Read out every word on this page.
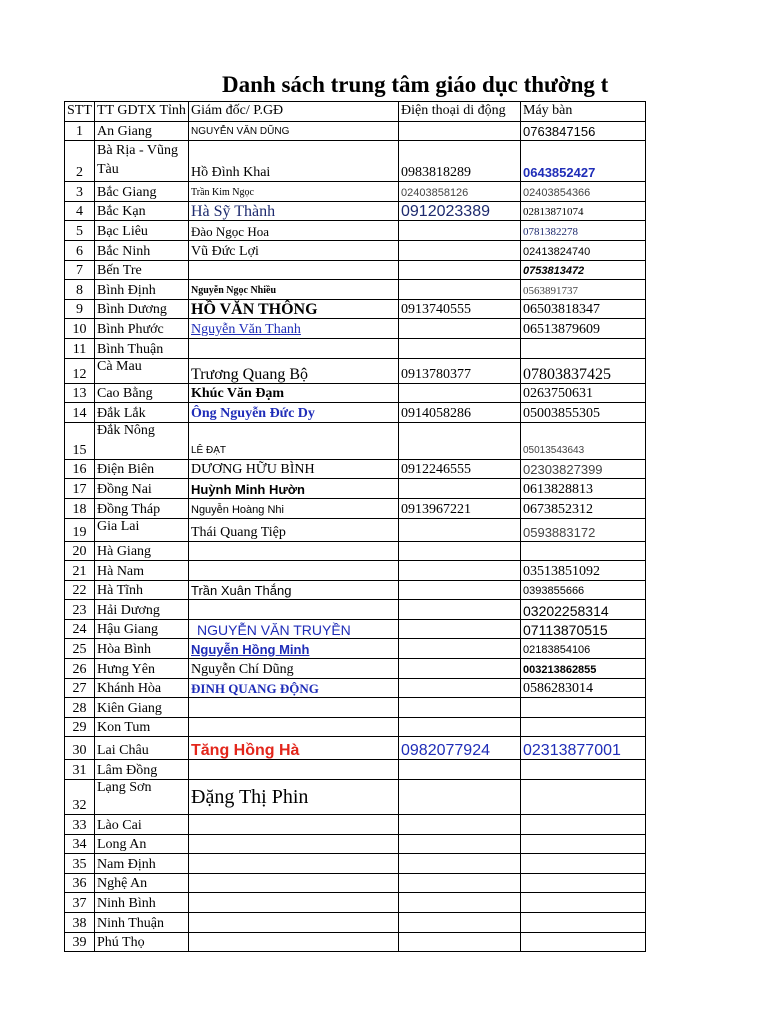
Danh sách trung tâm giáo dục thường t
STT	TT GDTX Tỉnh	Giám đốc/ P.GĐ	Điện thoại di động	Máy bàn
1	An Giang	NGUYỄN VĂN DŨNG		0763847156
2	Bà Rịa - Vũng Tàu	Hồ Đình Khai	0983818289	0643852427
3	Bắc Giang	Trần Kim Ngọc	02403858126	02403854366
4	Bắc Kạn	Hà Sỹ Thành	0912023389	02813871074
5	Bạc Liêu	Đào Ngọc Hoa		0781382278
6	Bắc Ninh	Vũ Đức Lợi		02413824740
7	Bến Tre			0753813472
8	Bình Định	Nguyễn Ngọc Nhiều		0563891737
9	Bình Dương	HỒ VĂN THÔNG	0913740555	06503818347
10	Bình Phước	Nguyễn Văn Thanh		06513879609
11	Bình Thuận			
12	Cà Mau	Trương Quang Bộ	0913780377	07803837425
13	Cao Bằng	Khúc Văn Đạm		0263750631
14	Đắk Lắk	Ông Nguyễn Đức Dy	0914058286	05003855305
15	Đắk Nông	LÊ ĐẠT		05013543643
16	Điện Biên	DƯƠNG HỮU BÌNH	0912246555	02303827399
17	Đồng Nai	Huỳnh Minh Hườn		0613828813
18	Đồng Tháp	Nguyễn Hoàng Nhi	0913967221	0673852312
19	Gia Lai	Thái Quang Tiệp		0593883172
20	Hà Giang			
21	Hà Nam			03513851092
22	Hà Tĩnh	Trần Xuân Thắng		0393855666
23	Hải Dương			03202258314
24	Hậu Giang	NGUYỄN VĂN TRUYỀN		07113870515
25	Hòa Bình	Nguyễn Hồng Minh		02183854106
26	Hưng Yên	Nguyễn Chí Dũng		003213862855
27	Khánh Hòa	ĐINH QUANG ĐỘNG		0586283014
28	Kiên Giang			
29	Kon Tum			
30	Lai Châu	Tăng Hồng Hà	0982077924	02313877001
31	Lâm Đồng			
32	Lạng Sơn	Đặng Thị Phin		
33	Lào Cai			
34	Long An			
35	Nam Định			
36	Nghệ An			
37	Ninh Bình			
38	Ninh Thuận			
39	Phú Thọ			
